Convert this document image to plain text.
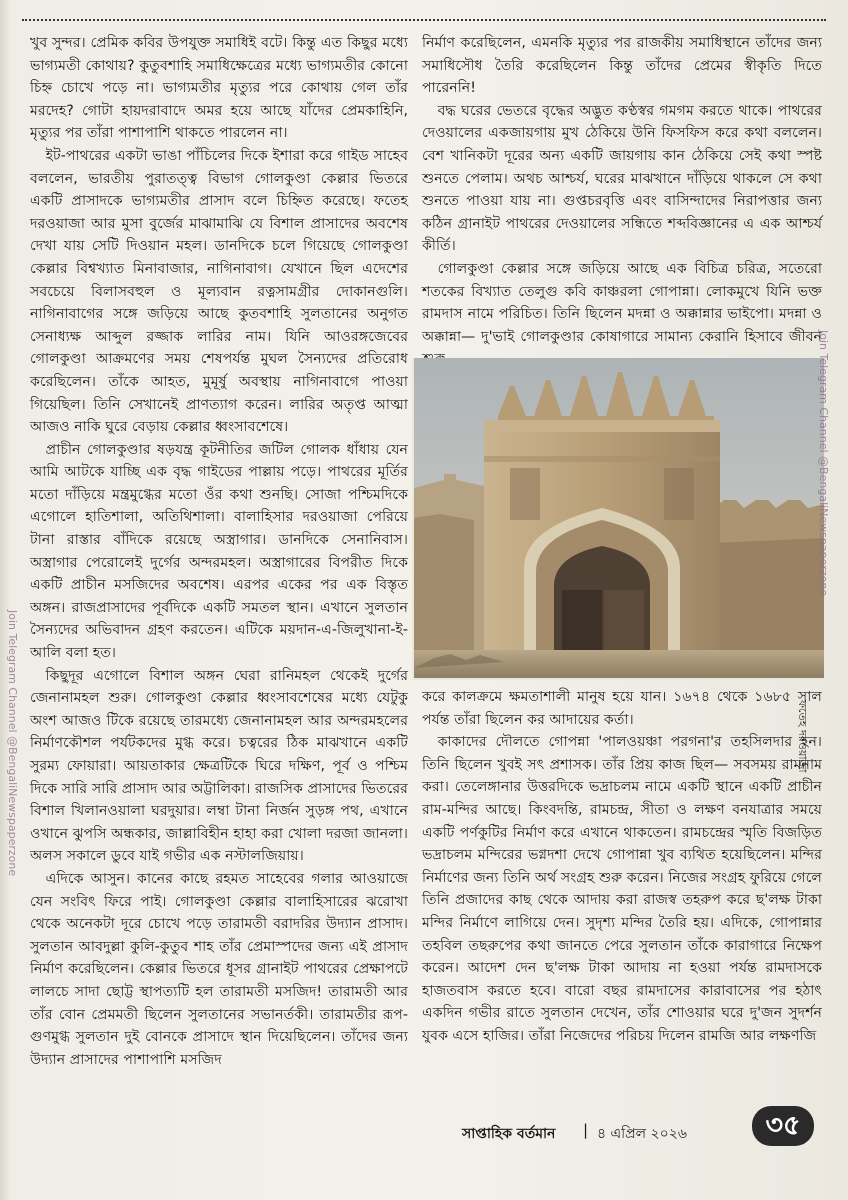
খুব সুন্দর। প্রেমিক কবির উপযুক্ত সমাধিই বটে। কিন্তু এত কিছুর মধ্যে ভাগ্যমতী কোথায়? কুতুবশাহি সমাধিক্ষেত্রের মধ্যে ভাগ্যমতীর কোনো চিহ্ন চোখে পড়ে না। ভাগ্যমতীর মৃত্যুর পরে কোথায় গেল তাঁর মরদেহ? গোটা হায়দরাবাদে অমর হয়ে আছে যাঁদের প্রেমকাহিনি, মৃত্যুর পর তাঁরা পাশাপাশি থাকতে পারলেন না।

ইট-পাথরের একটা ভাঙা পাঁচিলের দিকে ইশারা করে গাইড সাহেব বললেন, ভারতীয় পুরাতত্ত্ব বিভাগ গোলকুণ্ডা কেল্লার ভিতরে একটি প্রাসাদকে ভাগ্যমতীর প্রাসাদ বলে চিহ্নিত করেছে। ফতেহ দরওয়াজা আর মুসা বুর্জের মাঝামাঝি যে বিশাল প্রাসাদের অবশেষ দেখা যায় সেটি দিওয়ান মহল। ডানদিকে চলে গিয়েছে গোলকুণ্ডা কেল্লার বিশ্বখ্যাত মিনাবাজার, নাগিনাবাগ। যেখানে ছিল এদেশের সবচেয়ে বিলাসবহুল ও মূল্যবান রত্নসামগ্রীর দোকানগুলি। নাগিনাবাগের সঙ্গে জড়িয়ে আছে কুতবশাহি সুলতানের অনুগত সেনাধ্যক্ষ আব্দুল রজ্জাক লারির নাম। যিনি আওরঙ্গজেবের গোলকুণ্ডা আক্রমণের সময় শেষপর্যন্ত মুঘল সৈন্যদের প্রতিরোধ করেছিলেন। তাঁকে আহত, মুমূর্ষু অবস্থায় নাগিনাবাগে পাওয়া গিয়েছিল। তিনি সেখানেই প্রাণত্যাগ করেন। লারির অতৃপ্ত আত্মা আজও নাকি ঘুরে বেড়ায় কেল্লার ধ্বংসাবশেষে।

প্রাচীন গোলকুণ্ডার ষড়যন্ত্র কূটনীতির জটিল গোলক ধাঁধায় যেন আমি আটকে যাচ্ছি এক বৃদ্ধ গাইডের পাল্লায় পড়ে। পাথরের মূর্তির মতো দাঁড়িয়ে মন্ত্রমুগ্ধের মতো ওঁর কথা শুনছি। সোজা পশ্চিমদিকে এগোলে হাতিশালা, অতিথিশালা। বালাহিসার দরওয়াজা পেরিয়ে টানা রাস্তার বাঁদিকে রয়েছে অস্ত্রাগার। ডানদিকে সেনানিবাস। অস্ত্রাগার পেরোলেই দুর্গের অন্দরমহল। অস্ত্রাগারের বিপরীত দিকে একটি প্রাচীন মসজিদের অবশেষ। এরপর একের পর এক বিস্তৃত অঙ্গন। রাজপ্রাসাদের পূর্বদিকে একটি সমতল স্থান। এখানে সুলতান সৈন্যদের অভিবাদন গ্রহণ করতেন। এটিকে ময়দান-এ-জিলুখানা-ই-আলি বলা হত।

কিছুদূর এগোলে বিশাল অঙ্গন ঘেরা রানিমহল থেকেই দুর্গের জেনানামহল শুরু। গোলকুণ্ডা কেল্লার ধ্বংসাবশেষের মধ্যে যেটুকু অংশ আজও টিকে রয়েছে তারমধ্যে জেনানামহল আর অন্দরমহলের নির্মাণকৌশল পর্যটকদের মুগ্ধ করে। চত্বরের ঠিক মাঝখানে একটি সুরম্য ফোয়ারা। আয়তাকার ক্ষেত্রটিকে ঘিরে দক্ষিণ, পূর্ব ও পশ্চিম দিকে সারি সারি প্রাসাদ আর অট্টালিকা। রাজসিক প্রাসাদের ভিতরের বিশাল খিলানওয়ালা ঘরদুয়ার। লম্বা টানা নির্জন সুড়ঙ্গ পথ, এখানে ওখানে ঝুপসি অন্ধকার, জাল্লাবিহীন হাহা করা খোলা দরজা জানলা। অলস সকালে ডুবে যাই গভীর এক নস্টালজিয়ায়।

এদিকে আসুন। কানের কাছে রহমত সাহেবের গলার আওয়াজে যেন সংবিৎ ফিরে পাই। গোলকুণ্ডা কেল্লার বালাহিসারের ঝরোখা থেকে অনেকটা দূরে চোখে পড়ে তারামতী বরাদরির উদ্যান প্রাসাদ। সুলতান আবদুল্লা কুলি-কুতুব শাহ তাঁর প্রেমাস্পদের জন্য এই প্রাসাদ নির্মাণ করেছিলেন। কেল্লার ভিতরে ধূসর গ্রানাইট পাথরের প্রেক্ষাপটে লালচে সাদা ছোট্ট স্থাপত্যটি হল তারামতী মসজিদ! তারামতী আর তাঁর বোন প্রেমমতী ছিলেন সুলতানের সভানর্তকী। তারামতীর রূপ-গুণমুগ্ধ সুলতান দুই বোনকে প্রাসাদে স্থান দিয়েছিলেন। তাঁদের জন্য উদ্যান প্রাসাদের পাশাপাশি মসজিদ

নির্মাণ করেছিলেন, এমনকি মৃত্যুর পর রাজকীয় সমাধিস্থানে তাঁদের জন্য সমাধিসৌধ তৈরি করেছিলেন কিন্তু তাঁদের প্রেমের স্বীকৃতি দিতে পারেননি!

বদ্ধ ঘরের ভেতরে বৃদ্ধের অদ্ভুত কণ্ঠস্বর গমগম করতে থাকে। পাথরের দেওয়ালের একজায়গায় মুখ ঠেকিয়ে উনি ফিসফিস করে কথা বললেন। বেশ খানিকটা দূরের অন্য একটি জায়গায় কান ঠেকিয়ে সেই কথা স্পষ্ট শুনতে পেলাম। অথচ আশ্চর্য, ঘরের মাঝখানে দাঁড়িয়ে থাকলে সে কথা শুনতে পাওয়া যায় না। গুপ্তচরবৃত্তি এবং বাসিন্দাদের নিরাপত্তার জন্য কঠিন গ্রানাইট পাথরের দেওয়ালের সন্ধিতে শব্দবিজ্ঞানের এ এক আশ্চর্য কীর্তি।

গোলকুণ্ডা কেল্লার সঙ্গে জড়িয়ে আছে এক বিচিত্র চরিত্র, সতেরো শতকের বিখ্যাত তেলুগু কবি কাঞ্চরলা গোপান্না। লোকমুখে যিনি ভক্ত রামদাস নামে পরিচিত। তিনি ছিলেন মদন্না ও অক্কান্নার ভাইপো। মদন্না ও অক্কান্না— দু'ভাই গোলকুণ্ডার কোষাগারে সামান্য কেরানি হিসাবে জীবন

ফতেহ দরওয়াজা
Join Telegram Channel @BengaliNewspaperzone
Join Telegram Channel @BengaliNewspaperzone	করে কালক্রমে ক্ষমতাশালী মানুষ হয়ে যান। ১৬৭৪ থেকে ১৬৮৫ সাল পর্যন্ত তাঁরা ছিলেন কর আদায়ের কর্তা।

কাকাদের দৌলতে গোপন্না 'পালওয়ঞ্চা পরগনা'র তহসিলদার হন। তিনি ছিলেন খুবই সৎ প্রশাসক। তাঁর প্রিয় কাজ ছিল— সবসময় রামনাম করা। তেলেঙ্গানার উত্তরদিকে ভদ্রাচলম নামে একটি স্থানে একটি প্রাচীন রাম-মন্দির আছে। কিংবদন্তি, রামচন্দ্র, সীতা ও লক্ষণ বনযাত্রার সময়ে একটি পর্ণকুটির নির্মাণ করে এখানে থাকতেন। রামচন্দ্রের স্মৃতি বিজড়িত ভদ্রাচলম মন্দিরের ভগ্নদশা দেখে গোপান্না খুব ব্যথিত হয়েছিলেন। মন্দির নির্মাণের জন্য তিনি অর্থ সংগ্রহ শুরু করেন। নিজের সংগ্রহ ফুরিয়ে গেলে তিনি প্রজাদের কাছ থেকে আদায় করা রাজস্ব তহরুপ করে ছ'লক্ষ টাকা মন্দির নির্মাণে লাগিয়ে দেন। সুদৃশ্য মন্দির তৈরি হয়। এদিকে, গোপান্নার তহবিল তছরুপের কথা জানতে পেরে সুলতান তাঁকে কারাগারে নিক্ষেপ করেন। আদেশ দেন ছ'লক্ষ টাকা আদায় না হওয়া পর্যন্ত রামদাসকে হাজতবাস করতে হবে। বারো বছর রামদাসের কারাবাসের পর হঠাৎ একদিন গভীর রাতে সুলতান দেখেন, তাঁর শোওয়ার ঘরে দু'জন সুদর্শন যুবক এসে হাজির। তাঁরা নিজেদের পরিচয় দিলেন রামজি আর লক্ষণজি

সাপ্তাহিক বর্তমান | ৪ এপ্রিল ২০২৬	৩৫
